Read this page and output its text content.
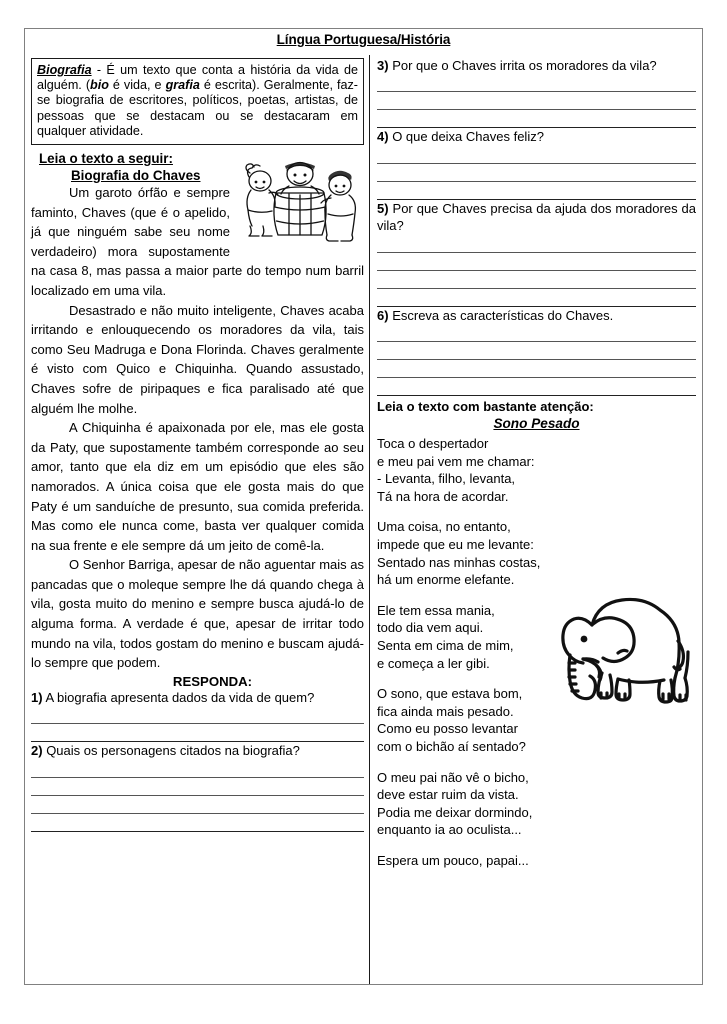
Língua Portuguesa/História

Biografia - É um texto que conta a história da vida de alguém. (bio é vida, e grafia é escrita). Geralmente, faz-se biografia de escritores, políticos, poetas, artistas, de pessoas que se destacam ou se destacaram em qualquer atividade.

Leia o texto a seguir:
Biografia do Chaves

Um garoto órfão e sempre faminto, Chaves (que é o apelido, já que ninguém sabe seu nome verdadeiro) mora supostamente na casa 8, mas passa a maior parte do tempo num barril localizado em uma vila.

Desastrado e não muito inteligente, Chaves acaba irritando e enlouquecendo os moradores da vila, tais como Seu Madruga e Dona Florinda. Chaves geralmente é visto com Quico e Chiquinha. Quando assustado, Chaves sofre de piripaques e fica paralisado até que alguém lhe molhe.

A Chiquinha é apaixonada por ele, mas ele gosta da Paty, que supostamente também corresponde ao seu amor, tanto que ela diz em um episódio que eles são namorados. A única coisa que ele gosta mais do que Paty é um sanduíche de presunto, sua comida preferida. Mas como ele nunca come, basta ver qualquer comida na sua frente e ele sempre dá um jeito de comê-la.

O Senhor Barriga, apesar de não aguentar mais as pancadas que o moleque sempre lhe dá quando chega à vila, gosta muito do menino e sempre busca ajudá-lo de alguma forma. A verdade é que, apesar de irritar todo mundo na vila, todos gostam do menino e buscam ajudá-lo sempre que podem.

RESPONDA:

1) A biografia apresenta dados da vida de quem?

2) Quais os personagens citados na biografia?

3) Por que o Chaves irrita os moradores da vila?

4) O que deixa Chaves feliz?

5) Por que Chaves precisa da ajuda dos moradores da vila?

6) Escreva as características do Chaves.

Leia o texto com bastante atenção:
Sono Pesado
Toca o despertador
e meu pai vem me chamar:
- Levanta, filho, levanta,
Tá na hora de acordar.
Uma coisa, no entanto,
impede que eu me levante:
Sentado nas minhas costas,
há um enorme elefante.
Ele tem essa mania,
todo dia vem aqui.
Senta em cima de mim,
e começa a ler gibi.
O sono, que estava bom,
fica ainda mais pesado.
Como eu posso levantar
com o bichão aí sentado?
O meu pai não vê o bicho,
deve estar ruim da vista.
Podia me deixar dormindo,
enquanto ia ao oculista...
Espera um pouco, papai...
